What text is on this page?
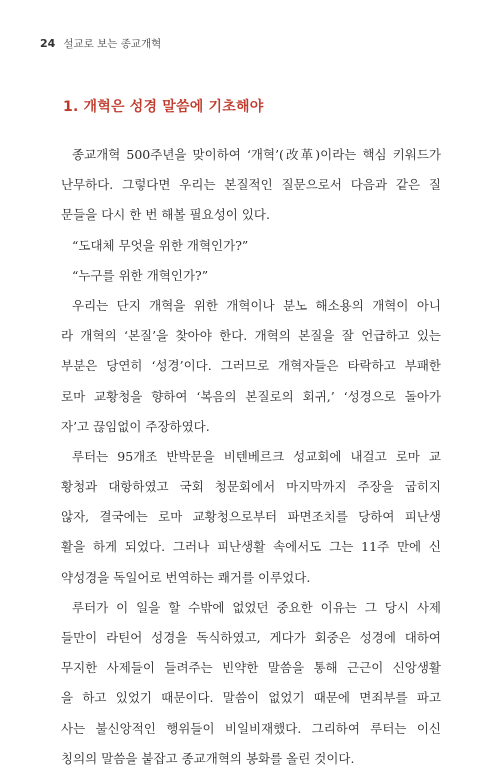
24 설교로 보는 종교개혁
1. 개혁은 성경 말씀에 기초해야
종교개혁 500주년을 맞이하여 ‘개혁’(改革)이라는 핵심 키워드가
난무하다. 그렇다면 우리는 본질적인 질문으로서 다음과 같은 질
문들을 다시 한 번 해볼 필요성이 있다.
“도대체 무엇을 위한 개혁인가?”
“누구를 위한 개혁인가?”
우리는 단지 개혁을 위한 개혁이나 분노 해소용의 개혁이 아니
라 개혁의 ‘본질’을 찾아야 한다. 개혁의 본질을 잘 언급하고 있는
부분은 당연히 ‘성경’이다. 그러므로 개혁자들은 타락하고 부패한
로마 교황청을 향하여 ‘복음의 본질로의 회귀,’ ‘성경으로 돌아가
자’고 끊임없이 주장하였다.
루터는 95개조 반박문을 비텐베르크 성교회에 내걸고 로마 교
황청과 대항하였고 국회 청문회에서 마지막까지 주장을 굽히지
않자, 결국에는 로마 교황청으로부터 파면조치를 당하여 피난생
활을 하게 되었다. 그러나 피난생활 속에서도 그는 11주 만에 신
약성경을 독일어로 번역하는 쾌거를 이루었다.
루터가 이 일을 할 수밖에 없었던 중요한 이유는 그 당시 사제
들만이 라틴어 성경을 독식하였고, 게다가 회중은 성경에 대하여
무지한 사제들이 들려주는 빈약한 말씀을 통해 근근이 신앙생활
을 하고 있었기 때문이다. 말씀이 없었기 때문에 면죄부를 파고
사는 불신앙적인 행위들이 비일비재했다. 그리하여 루터는 이신
칭의의 말씀을 붙잡고 종교개혁의 봉화를 올린 것이다.
